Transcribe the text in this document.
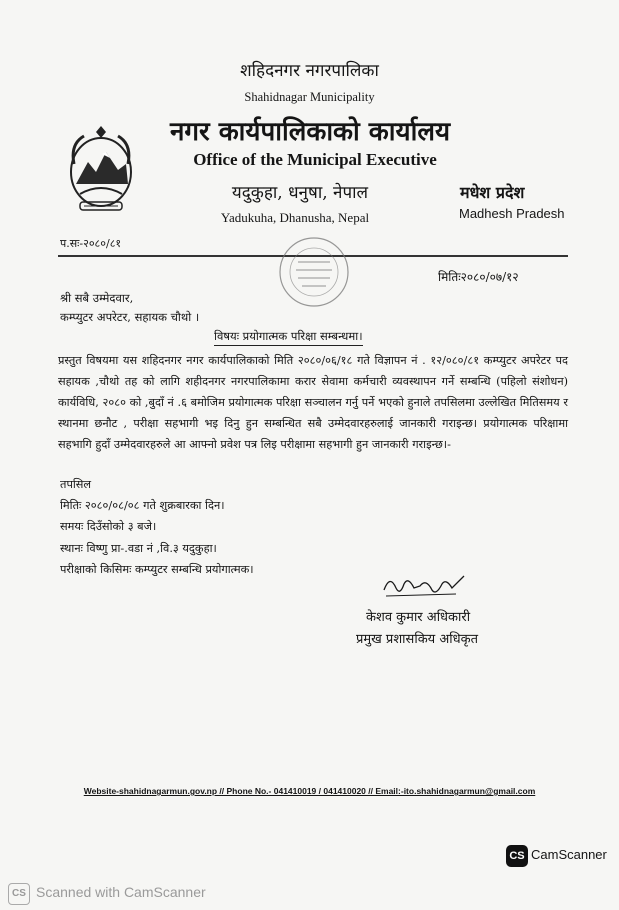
शहिदनगर नगरपालिका
Shahidnagar Municipality
नगर कार्यपालिकाको कार्यालय
Office of the Municipal Executive
यदुकुहा, धनुषा, नेपाल
Yadukuha, Dhanusha, Nepal
मधेश प्रदेश
Madhesh Pradesh
प.सः-२०८०/८१
मितिः२०८०/०७/१२
श्री सबै उम्मेदवार,
कम्प्युटर अपरेटर, सहायक चौथो ।
विषयः प्रयोगात्मक परिक्षा सम्बन्धमा।
प्रस्तुत विषयमा यस शहिदनगर नगर कार्यपालिकाको मिति २०८०/०६/१८ गते विज्ञापन नं . १२/०८०/८१ कम्प्युटर अपरेटर पद सहायक ,चौथो तह को लागि शहीदनगर नगरपालिकामा करार सेवामा कर्मचारी व्यवस्थापन गर्ने सम्बन्धि (पहिलो संशोधन) कार्यविधि, २०८० को ,बुदाँ नं .६ बमोजिम प्रयोगात्मक परिक्षा सञ्चालन गर्नु पर्ने भएको हुनाले तपसिलमा उल्लेखित मितिसमय र स्थानमा छनौट , परीक्षा सहभागी भइ दिनु हुन सम्बन्धित सबै उम्मेदवारहरुलाई जानकारी गराइन्छ। प्रयोगात्मक परिक्षामा सहभागि हुदाँ उम्मेदवारहरुले आ आफ्नो प्रवेश पत्र लिइ परीक्षामा सहभागी हुन जानकारी गराइन्छ।-
तपसिल
मितिः २०८०/०८/०८ गते शुक्रबारका दिन।
समयः दिउँसोको ३ बजे।
स्थानः विष्णु प्रा-.वडा नं ,वि.३ यदुकुहा।
परीक्षाको किसिमः कम्प्युटर सम्बन्धि प्रयोगात्मक।
केशव कुमार अधिकारी
प्रमुख प्रशासकिय अधिकृत
Website-shahidnagarmun.gov.np // Phone No.- 041410019 / 041410020 // Email:-ito.shahidnagarmun@gmail.com
CS CamScanner
CS Scanned with CamScanner
